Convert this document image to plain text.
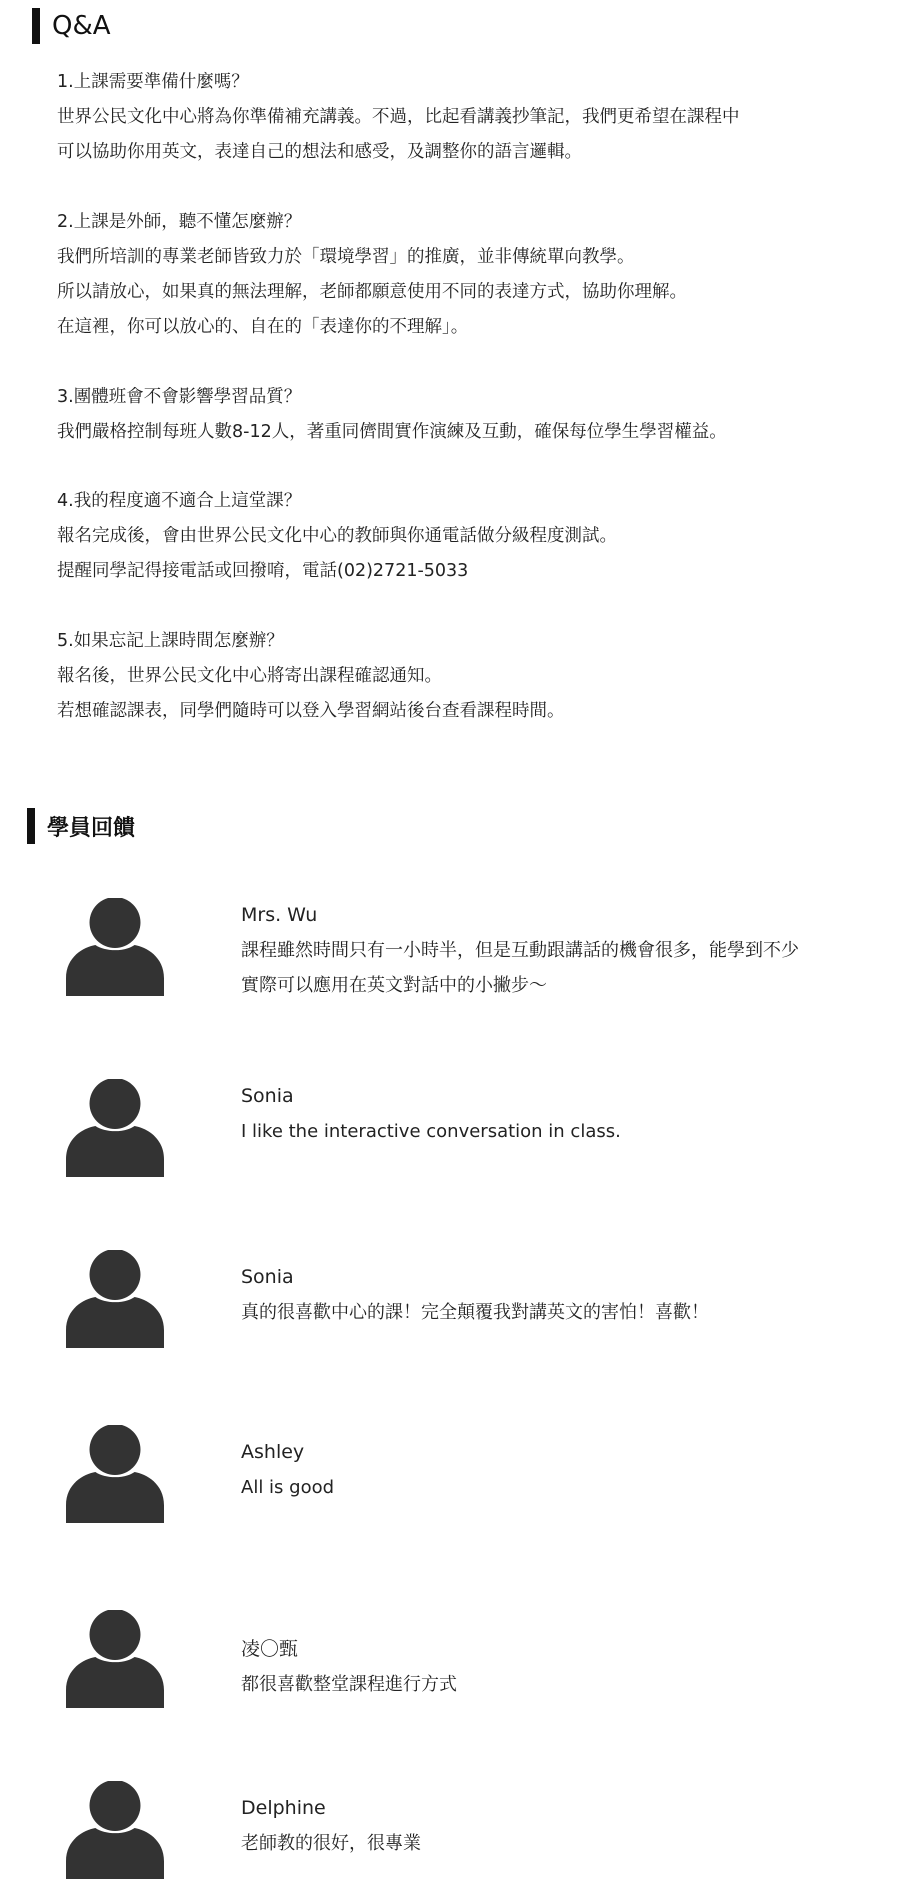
Q&A
1.上課需要準備什麼嗎？
世界公民文化中心將為你準備補充講義。不過，比起看講義抄筆記，我們更希望在課程中
可以協助你用英文，表達自己的想法和感受，及調整你的語言邏輯。
2.上課是外師，聽不懂怎麼辦？
我們所培訓的專業老師皆致力於「環境學習」的推廣，並非傳統單向教學。
所以請放心，如果真的無法理解，老師都願意使用不同的表達方式，協助你理解。
在這裡，你可以放心的、自在的「表達你的不理解」。
3.團體班會不會影響學習品質？
我們嚴格控制每班人數8-12人，著重同儕間實作演練及互動，確保每位學生學習權益。
4.我的程度適不適合上這堂課？
報名完成後，會由世界公民文化中心的教師與你通電話做分級程度測試。
提醒同學記得接電話或回撥唷，電話(02)2721-5033
5.如果忘記上課時間怎麼辦？
報名後，世界公民文化中心將寄出課程確認通知。
若想確認課表，同學們隨時可以登入學習網站後台查看課程時間。
學員回饋
Mrs. Wu
課程雖然時間只有一小時半，但是互動跟講話的機會很多，能學到不少
實際可以應用在英文對話中的小撇步～
Sonia
I like the interactive conversation in class.
Sonia
真的很喜歡中心的課！完全顛覆我對講英文的害怕！喜歡！
Ashley
All is good
凌〇甄
都很喜歡整堂課程進行方式
Delphine
老師教的很好，很專業
